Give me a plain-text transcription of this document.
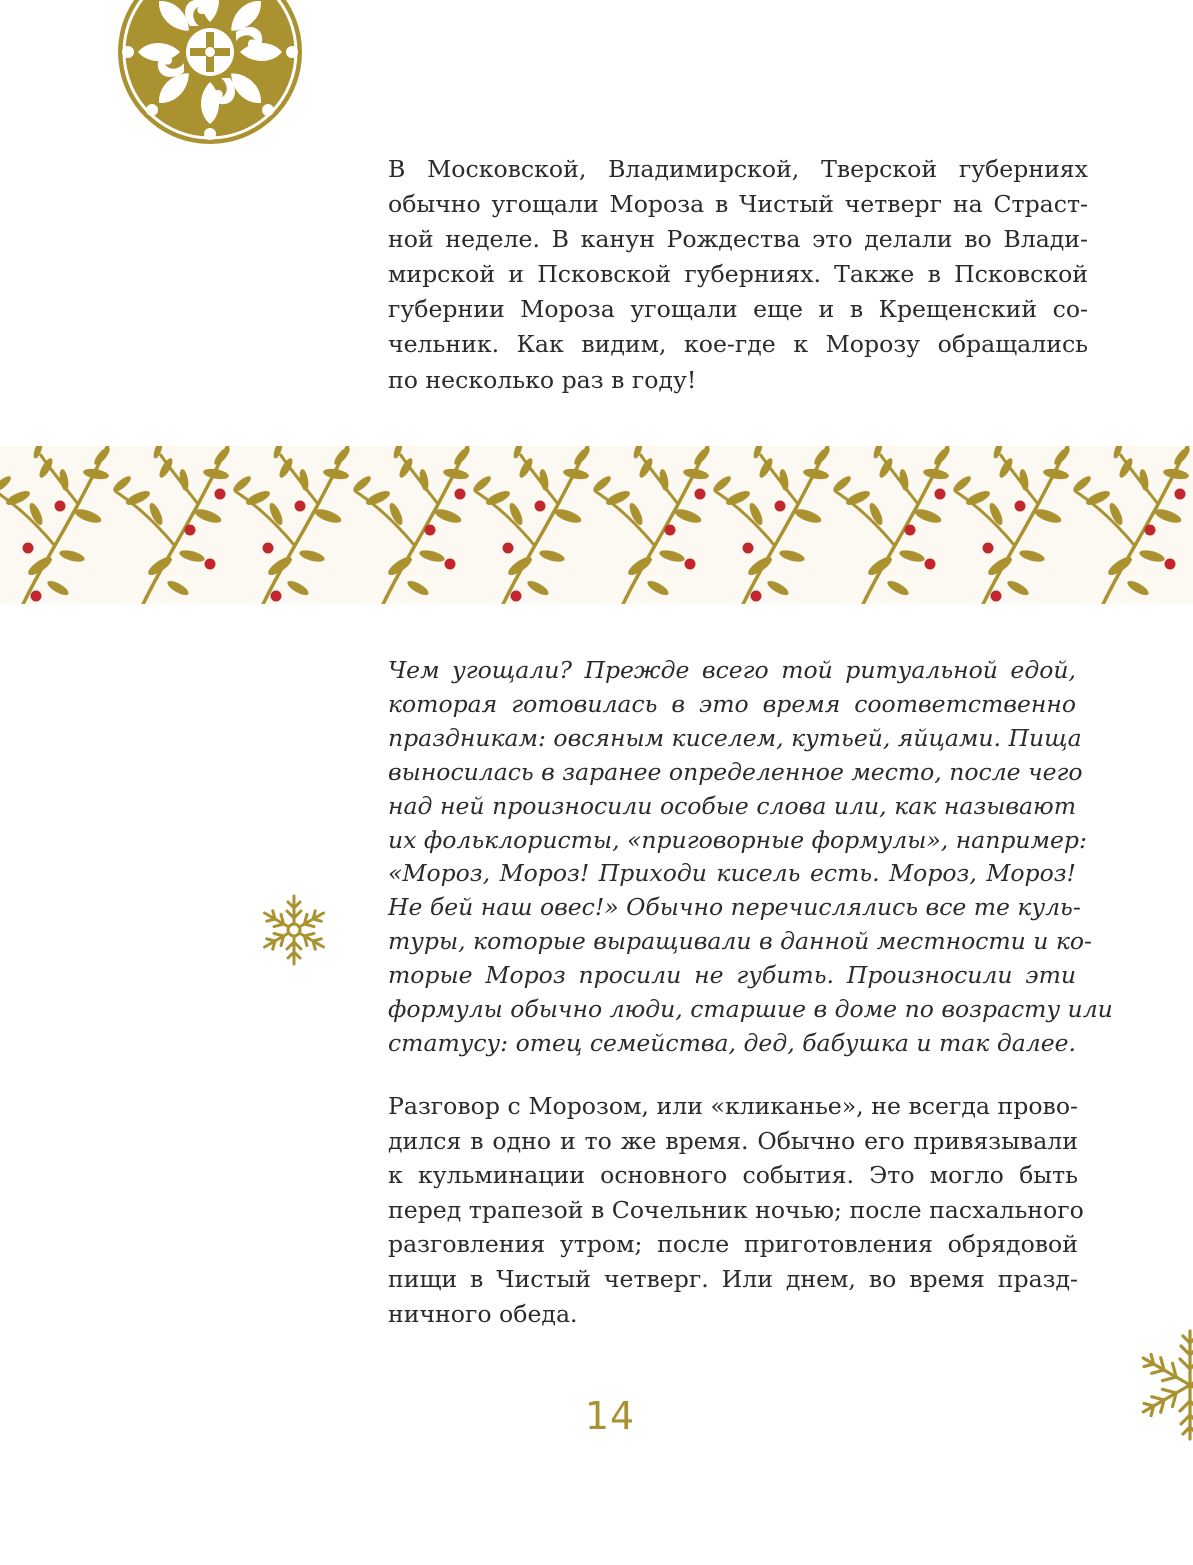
В Московской, Владимирской, Тверской губерниях
обычно угощали Мороза в Чистый четверг на Страст-
ной неделе. В канун Рождества это делали во Влади-
мирской и Псковской губерниях. Также в Псковской
губернии Мороза угощали еще и в Крещенский со-
чельник. Как видим, кое-где к Морозу обращались
по несколько раз в году!
Чем угощали? Прежде всего той ритуальной едой,
которая готовилась в это время соответственно
праздникам: овсяным киселем, кутьей, яйцами. Пища
выносилась в заранее определенное место, после чего
над ней произносили особые слова или, как называют
их фольклористы, «приговорные формулы», например:
«Мороз, Мороз! Приходи кисель есть. Мороз, Мороз!
Не бей наш овес!» Обычно перечислялись все те куль-
туры, которые выращивали в данной местности и ко-
торые Мороз просили не губить. Произносили эти
формулы обычно люди, старшие в доме по возрасту или
статусу: отец семейства, дед, бабушка и так далее.
Разговор с Морозом, или «кликанье», не всегда прово-
дился в одно и то же время. Обычно его привязывали
к кульминации основного события. Это могло быть
перед трапезой в Сочельник ночью; после пасхального
разговления утром; после приготовления обрядовой
пищи в Чистый четверг. Или днем, во время празд-
ничного обеда.
14
